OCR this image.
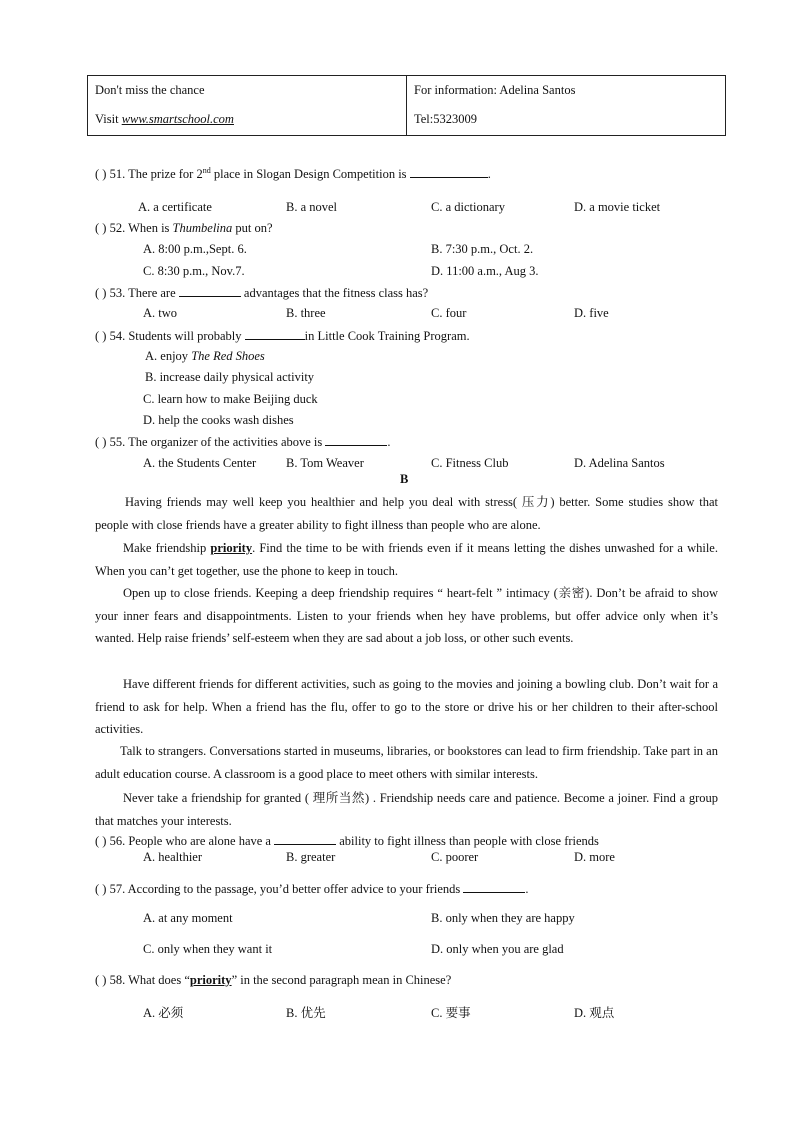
Don't miss the chance
Visit www.smartschool.com

For information: Adelina Santos
Tel:5323009
( ) 51. The prize for 2nd place in Slogan Design Competition is	.
A. a certificate	B. a novel	C. a dictionary	D. a movie ticket
( ) 52. When is Thumbelina put on?
A. 8:00 p.m.,Sept. 6.	B. 7:30 p.m., Oct. 2.
C. 8:30 p.m., Nov.7.	D. 11:00 a.m., Aug 3.
( ) 53. There are	advantages that the fitness class has?
A. two	B. three	C. four	D. five
( ) 54. Students will probably	in Little Cook Training Program.
A. enjoy The Red Shoes
B. increase daily physical activity
C. learn how to make Beijing duck
D. help the cooks wash dishes
( ) 55. The organizer of the activities above is	.
A. the Students Center B. Tom Weaver	C. Fitness Club	D. Adelina Santos
B
Having friends may well keep you healthier and help you deal with stress( 压力) better. Some studies show that people with close friends have a greater ability to fight illness than people who are alone.
Make friendship priority. Find the time to be with friends even if it means letting the dishes unwashed for a while. When you can’t get together, use the phone to keep in touch.
Open up to close friends. Keeping a deep friendship requires “ heart-felt ” intimacy (亲密). Don’t be afraid to show your inner fears and disappointments. Listen to your friends when hey have problems, but offer advice only when it’s wanted. Help raise friends’ self-esteem when they are sad about a job loss, or other such events.
Have different friends for different activities, such as going to the movies and joining a bowling club. Don’t wait for a friend to ask for help. When a friend has the flu, offer to go to the store or drive his or her children to their after-school activities.
Talk to strangers. Conversations started in museums, libraries, or bookstores can lead to firm friendship. Take part in an adult education course. A classroom is a good place to meet others with similar interests.
Never take a friendship for granted ( 理所当然) . Friendship needs care and patience. Become a joiner. Find a group that matches your interests.
( ) 56. People who are alone have a	ability to fight illness than people with close friends
A. healthier	B. greater	C. poorer	D. more
( ) 57. According to the passage, you’d better offer advice to your friends	.
A. at any moment	B. only when they are happy
C. only when they want it	D. only when you are glad
( ) 58. What does “priority” in the second paragraph mean in Chinese?
A. 必须	B. 优先	C. 要事	D. 观点
